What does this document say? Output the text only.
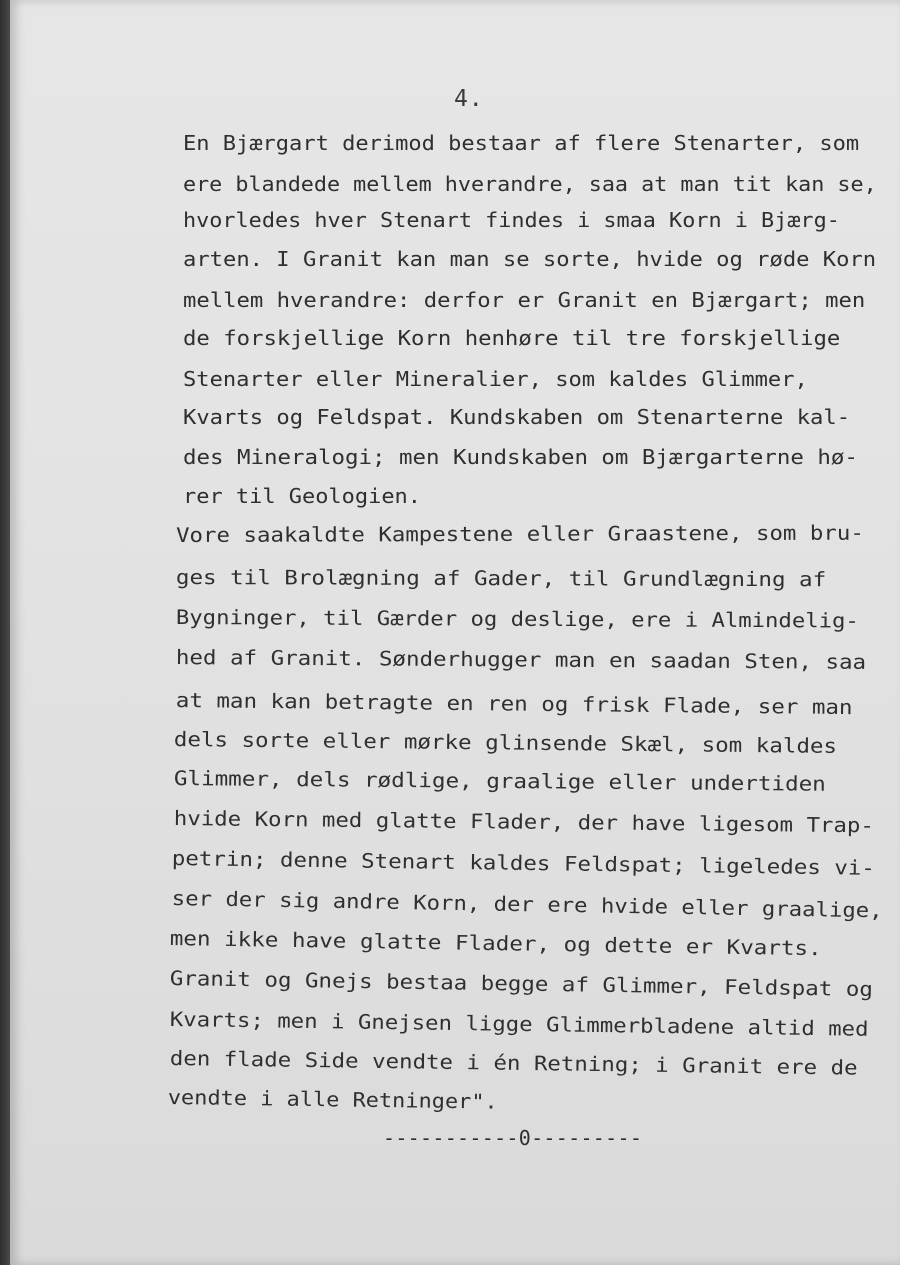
4.
En Bjærgart derimod bestaar af flere Stenarter, som
ere blandede mellem hverandre, saa at man tit kan se,
hvorledes hver Stenart findes i smaa Korn i Bjærg-
arten. I Granit kan man se sorte, hvide og røde Korn
mellem hverandre: derfor er Granit en Bjærgart; men
de forskjellige Korn henhøre til tre forskjellige
Stenarter eller Mineralier, som kaldes Glimmer,
Kvarts og Feldspat. Kundskaben om Stenarterne kal-
des Mineralogi; men Kundskaben om Bjærgarterne hø-
rer til Geologien.
Vore saakaldte Kampestene eller Graastene, som bru-
ges til Brolægning af Gader, til Grundlægning af
Bygninger, til Gærder og deslige, ere i Almindelig-
hed af Granit. Sønderhugger man en saadan Sten, saa
at man kan betragte en ren og frisk Flade, ser man
dels sorte eller mørke glinsende Skæl, som kaldes
Glimmer, dels rødlige, graalige eller undertiden
hvide Korn med glatte Flader, der have ligesom Trap-
petrin; denne Stenart kaldes Feldspat; ligeledes vi-
ser der sig andre Korn, der ere hvide eller graalige,
men ikke have glatte Flader, og dette er Kvarts.
Granit og Gnejs bestaa begge af Glimmer, Feldspat og
Kvarts; men i Gnejsen ligge Glimmerbladene altid med
den flade Side vendte i én Retning; i Granit ere de
vendte i alle Retninger".
-----------0---------
